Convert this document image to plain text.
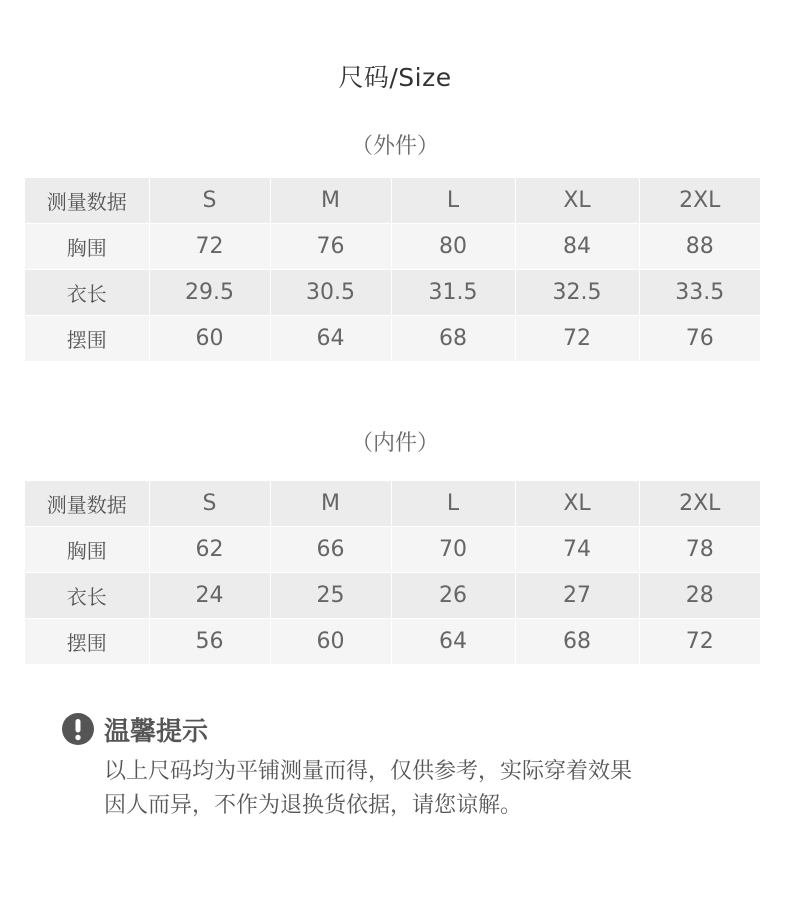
尺码/Size
（外件）
测量数据	S	M	L	XL	2XL
胸围	72	76	80	84	88
衣长	29.5	30.5	31.5	32.5	33.5
摆围	60	64	68	72	76
（内件）
测量数据	S	M	L	XL	2XL
胸围	62	66	70	74	78
衣长	24	25	26	27	28
摆围	56	60	64	68	72
温馨提示
以上尺码均为平铺测量而得，仅供参考，实际穿着效果
因人而异，不作为退换货依据，请您谅解。
